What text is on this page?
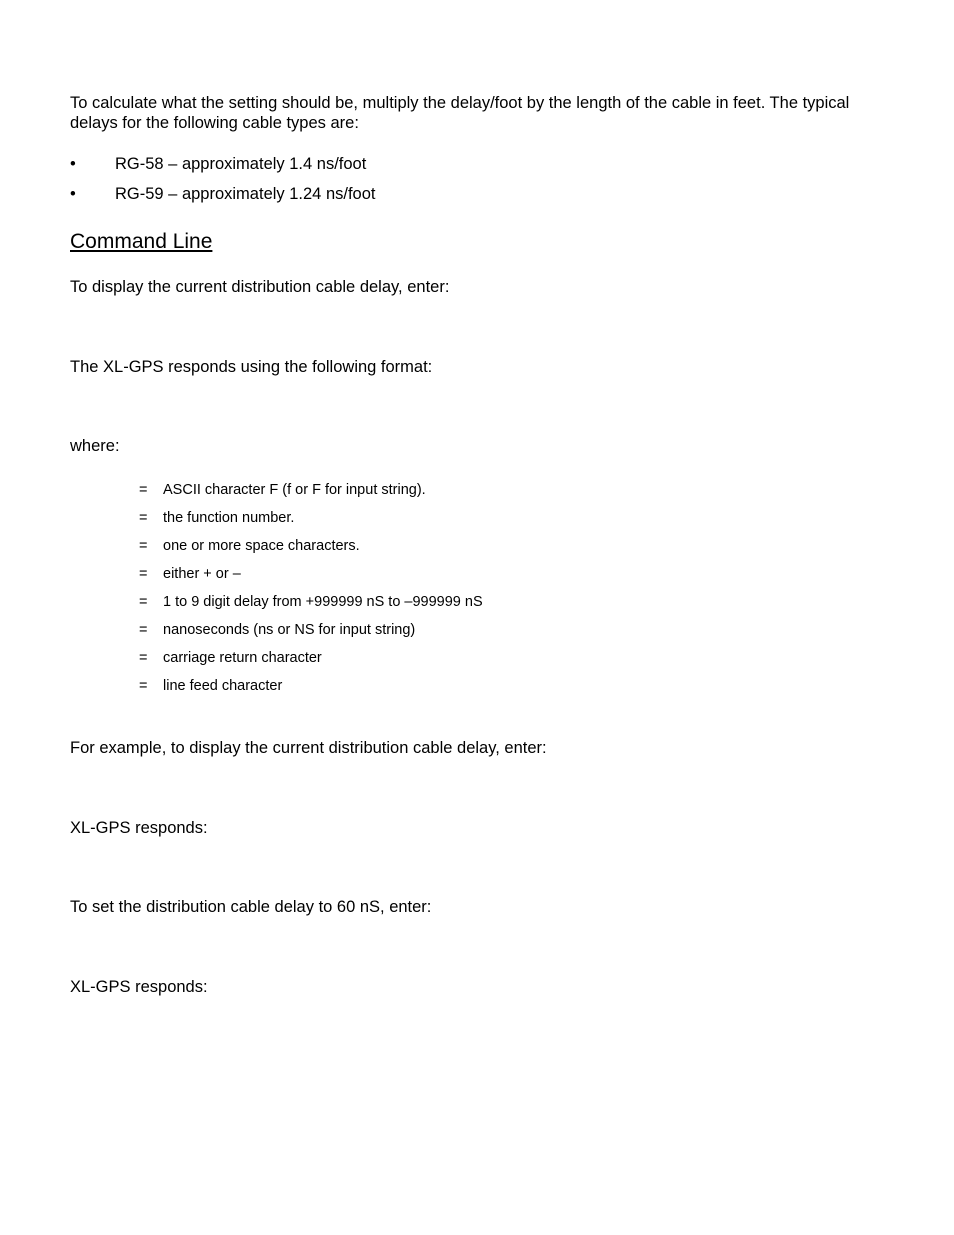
To calculate what the setting should be, multiply the delay/foot by the length of the cable in feet. The typical delays for the following cable types are:

• RG-58 – approximately 1.4 ns/foot
• RG-59 – approximately 1.24 ns/foot
Command Line

To display the current distribution cable delay, enter:

The XL-GPS responds using the following format:

where:

= ASCII character F (f or F for input string).
= the function number.
= one or more space characters.
= either + or –
= 1 to 9 digit delay from +999999 nS to –999999 nS
= nanoseconds (ns or NS for input string)
= carriage return character
= line feed character

For example, to display the current distribution cable delay, enter:

XL-GPS responds:

To set the distribution cable delay to 60 nS, enter:

XL-GPS responds:
